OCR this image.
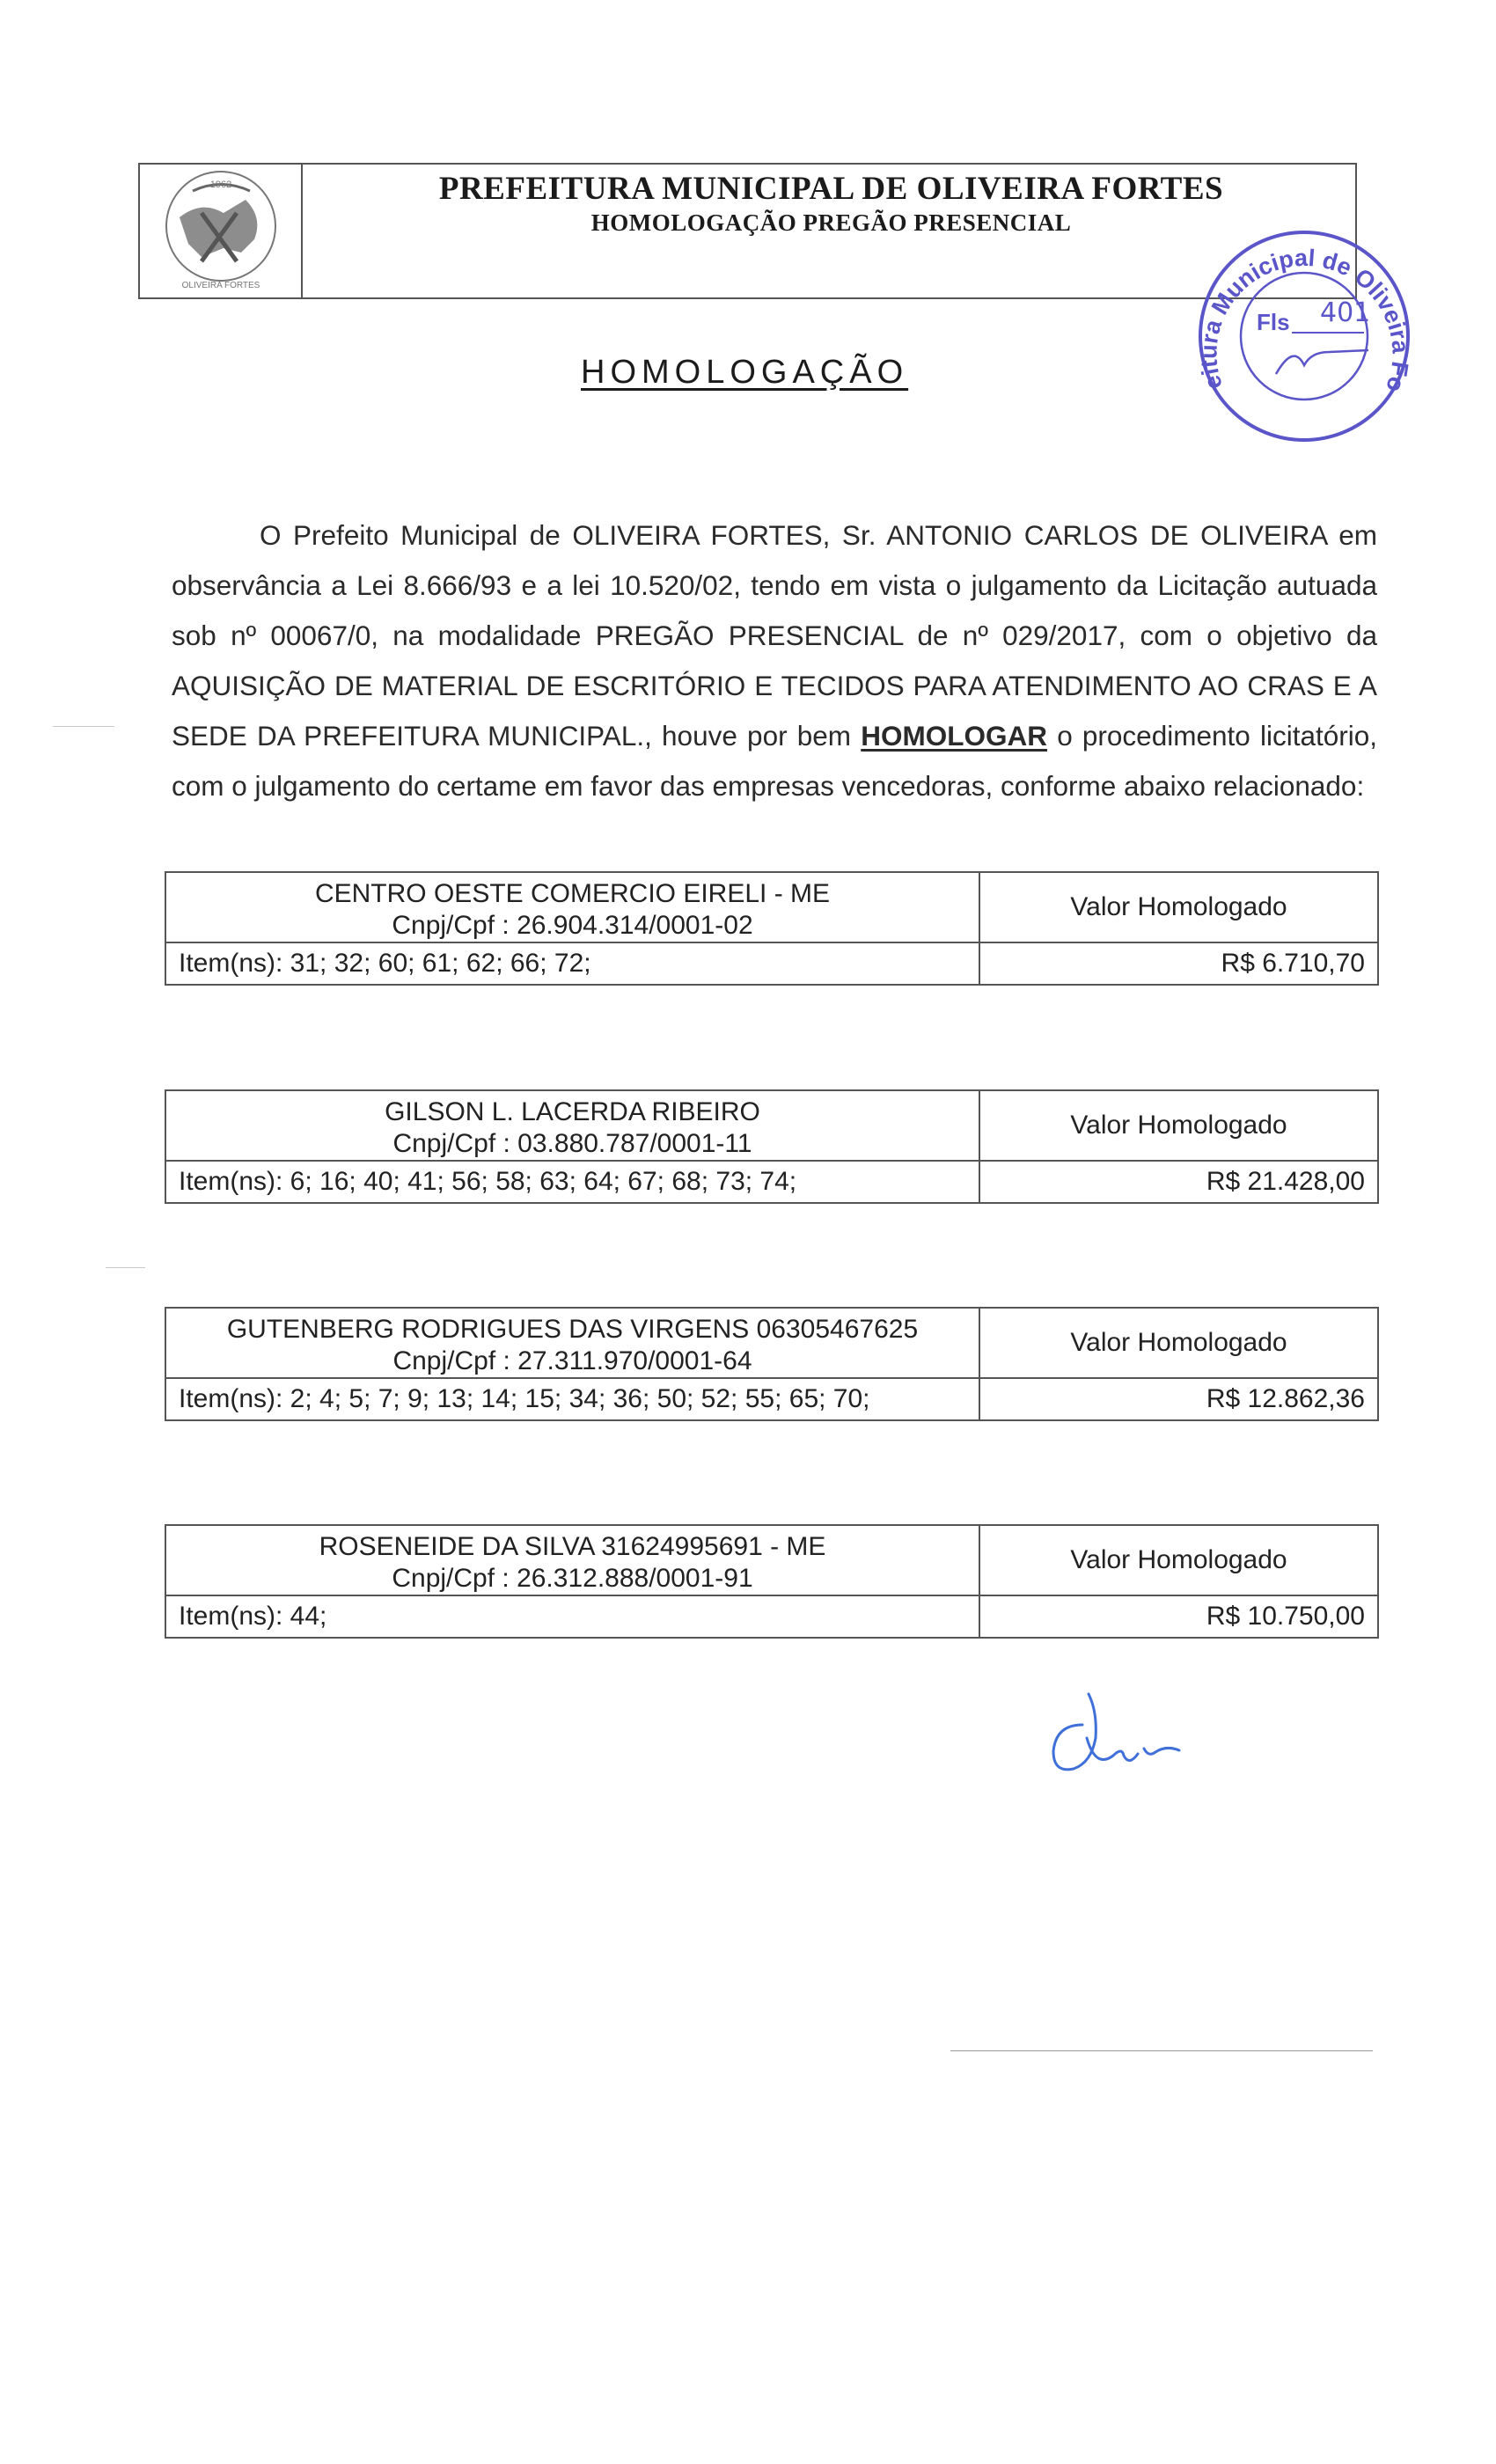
1962
OLIVEIRA FORTES
PREFEITURA MUNICIPAL DE OLIVEIRA FORTES
HOMOLOGAÇÃO PREGÃO PRESENCIAL
eitura Municipal de Oliveira Fo
Fls 401
HOMOLOGAÇÃO

O Prefeito Municipal de OLIVEIRA FORTES, Sr. ANTONIO CARLOS DE OLIVEIRA em observância a Lei 8.666/93 e a lei 10.520/02, tendo em vista o julgamento da Licitação autuada sob nº 00067/0, na modalidade PREGÃO PRESENCIAL de nº 029/2017, com o objetivo da AQUISIÇÃO DE MATERIAL DE ESCRITÓRIO E TECIDOS PARA ATENDIMENTO AO CRAS E A SEDE DA PREFEITURA MUNICIPAL., houve por bem HOMOLOGAR o procedimento licitatório, com o julgamento do certame em favor das empresas vencedoras, conforme abaixo relacionado:

CENTRO OESTE COMERCIO EIRELI - ME
Cnpj/Cpf : 26.904.314/0001-02
Item(ns): 31; 32; 60; 61; 62; 66; 72;
Valor Homologado
R$ 6.710,70
GILSON L. LACERDA RIBEIRO
Cnpj/Cpf : 03.880.787/0001-11
Item(ns): 6; 16; 40; 41; 56; 58; 63; 64; 67; 68; 73; 74;
Valor Homologado
R$ 21.428,00
GUTENBERG RODRIGUES DAS VIRGENS 06305467625
Cnpj/Cpf : 27.311.970/0001-64
Item(ns): 2; 4; 5; 7; 9; 13; 14; 15; 34; 36; 50; 52; 55; 65; 70;
Valor Homologado
R$ 12.862,36
ROSENEIDE DA SILVA 31624995691 - ME
Cnpj/Cpf : 26.312.888/0001-91
Item(ns): 44;
Valor Homologado
R$ 10.750,00
